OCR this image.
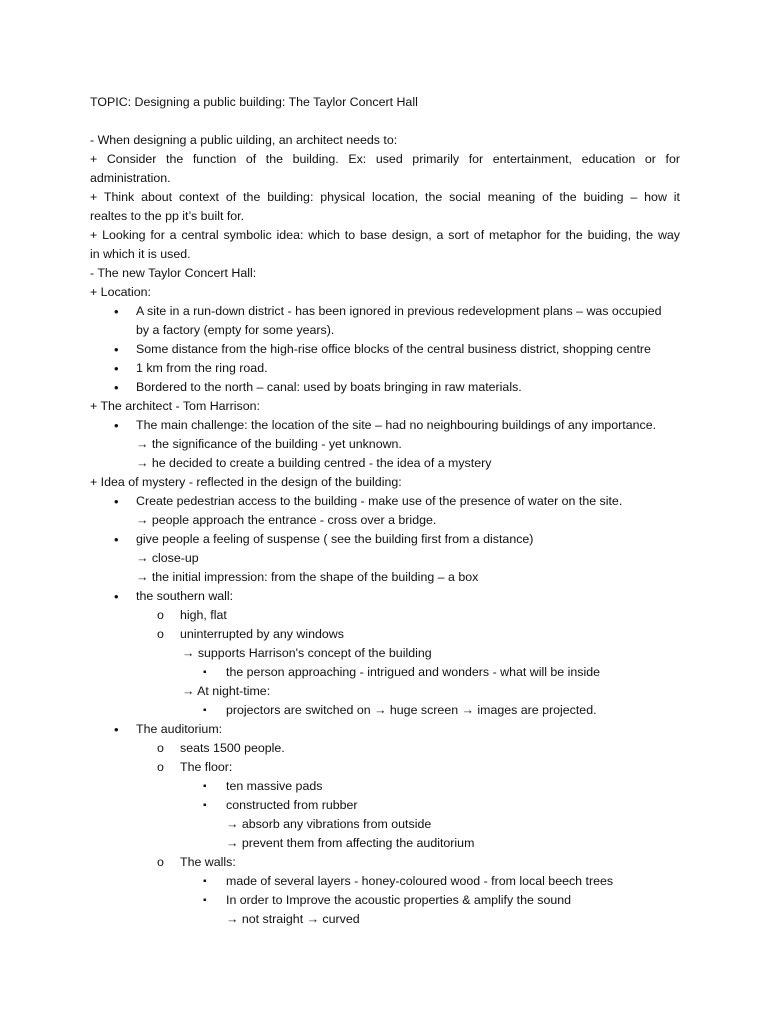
TOPIC: Designing a public building: The Taylor Concert Hall
- When designing a public uilding, an architect needs to:
+ Consider the function of the building. Ex: used primarily for entertainment, education or for
administration.
+ Think about context of the building: physical location, the social meaning of the buiding – how it
realtes to the pp it’s built for.
+ Looking for a central symbolic idea: which to base design, a sort of metaphor for the buiding, the way
in which it is used.
- The new Taylor Concert Hall:
+ Location:
• A site in a run-down district - has been ignored in previous redevelopment plans – was occupied
by a factory (empty for some years).
• Some distance from the high-rise office blocks of the central business district, shopping centre
• 1 km from the ring road.
• Bordered to the north – canal: used by boats bringing in raw materials.
+ The architect - Tom Harrison:
• The main challenge: the location of the site – had no neighbouring buildings of any importance.
→ the significance of the building - yet unknown.
→ he decided to create a building centred - the idea of a mystery
+ Idea of mystery - reflected in the design of the building:
• Create pedestrian access to the building - make use of the presence of water on the site.
→ people approach the entrance - cross over a bridge.
• give people a feeling of suspense ( see the building first from a distance)
→ close-up
→ the initial impression: from the shape of the building – a box
• the southern wall:
o high, flat
o uninterrupted by any windows
→ supports Harrison's concept of the building
▪ the person approaching - intrigued and wonders - what will be inside
→ At night-time:
▪ projectors are switched on → huge screen → images are projected.
• The auditorium:
o seats 1500 people.
o The floor:
▪ ten massive pads
▪ constructed from rubber
→ absorb any vibrations from outside
→ prevent them from affecting the auditorium
o The walls:
▪ made of several layers - honey-coloured wood - from local beech trees
▪ In order to Improve the acoustic properties & amplify the sound
→ not straight → curved
